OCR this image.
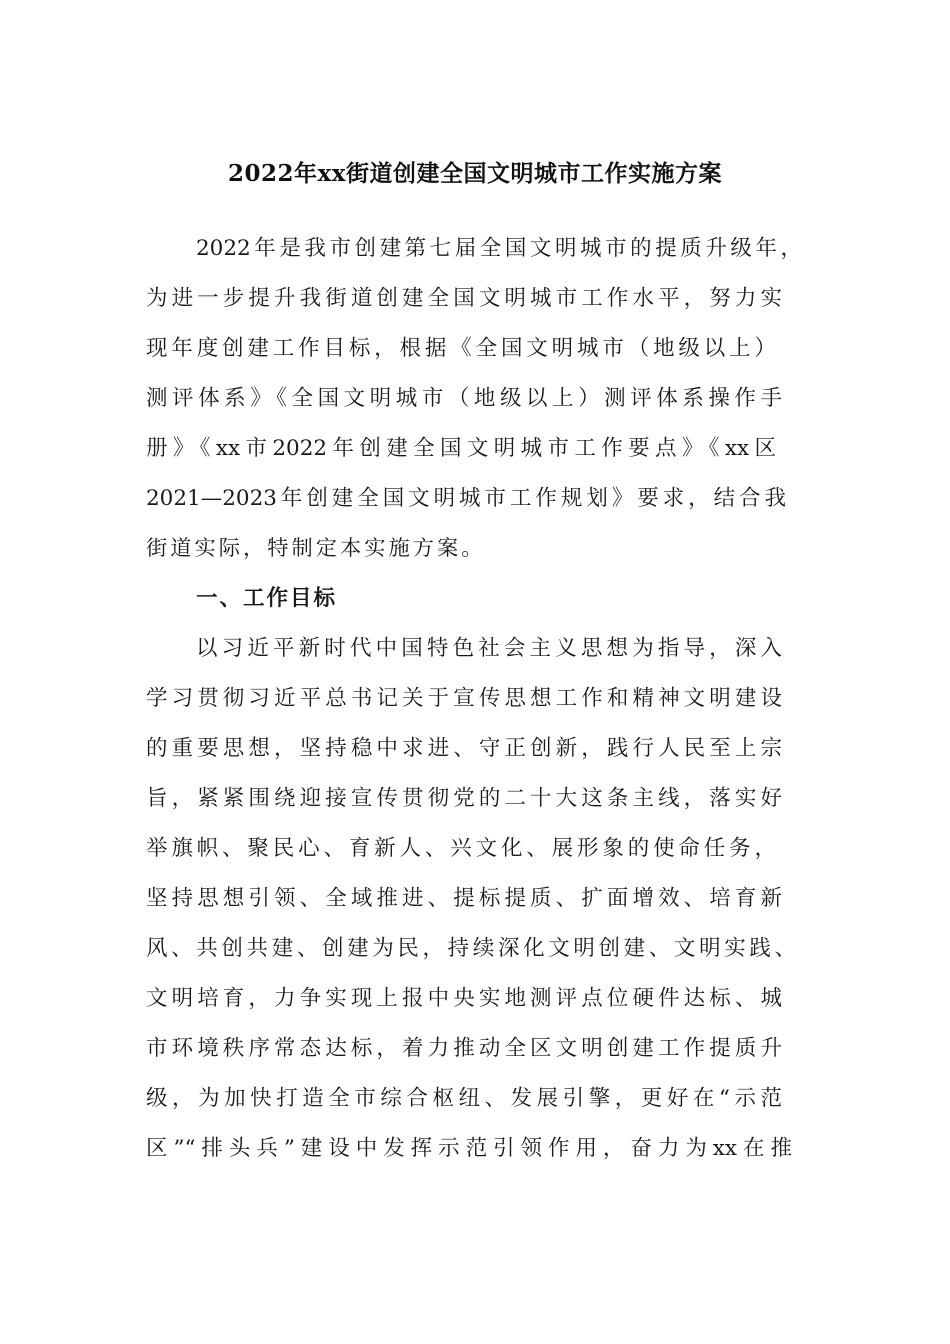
2022年xx街道创建全国文明城市工作实施方案
2022年是我市创建第七届全国文明城市的提质升级年，
为进一步提升我街道创建全国文明城市工作水平，努力实
现年度创建工作目标，根据《全国文明城市（地级以上）
测评体系》《全国文明城市（地级以上）测评体系操作手
册》《xx市2022年创建全国文明城市工作要点》《xx区
2021—2023年创建全国文明城市工作规划》要求，结合我
街道实际，特制定本实施方案。
一、工作目标
以习近平新时代中国特色社会主义思想为指导，深入
学习贯彻习近平总书记关于宣传思想工作和精神文明建设
的重要思想，坚持稳中求进、守正创新，践行人民至上宗
旨，紧紧围绕迎接宣传贯彻党的二十大这条主线，落实好
举旗帜、聚民心、育新人、兴文化、展形象的使命任务，
坚持思想引领、全域推进、提标提质、扩面增效、培育新
风、共创共建、创建为民，持续深化文明创建、文明实践、
文明培育，力争实现上报中央实地测评点位硬件达标、城
市环境秩序常态达标，着力推动全区文明创建工作提质升
级，为加快打造全市综合枢纽、发展引擎，更好在“示范
区”“排头兵”建设中发挥示范引领作用，奋力为xx在推
